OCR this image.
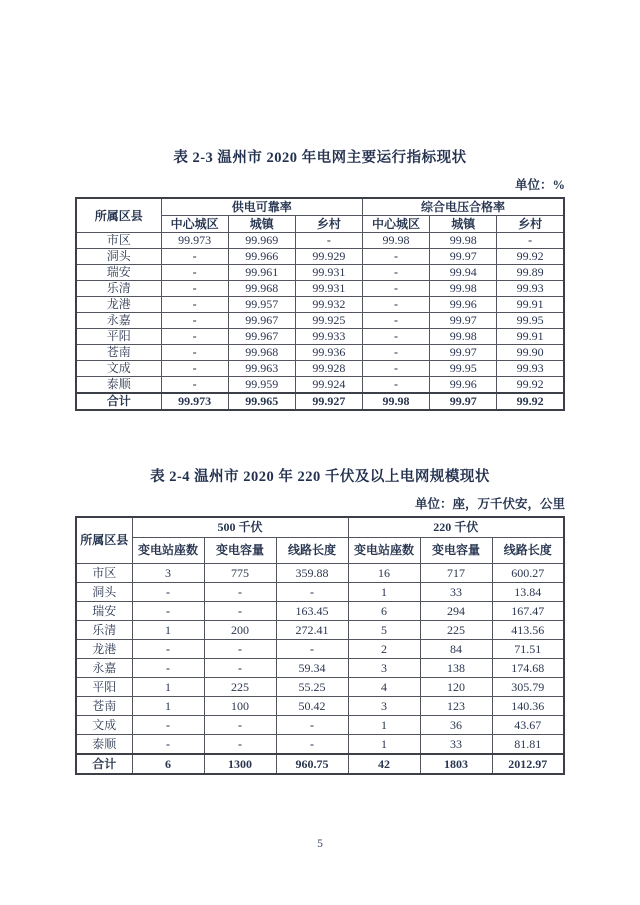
表 2-3 温州市 2020 年电网主要运行指标现状
单位：%
所属区县	供电可靠率			综合电压合格率		
	中心城区	城镇	乡村	中心城区	城镇	乡村
市区	99.973	99.969	-	99.98	99.98	-
洞头	-	99.966	99.929	-	99.97	99.92
瑞安	-	99.961	99.931	-	99.94	99.89
乐清	-	99.968	99.931	-	99.98	99.93
龙港	-	99.957	99.932	-	99.96	99.91
永嘉	-	99.967	99.925	-	99.97	99.95
平阳	-	99.967	99.933	-	99.98	99.91
苍南	-	99.968	99.936	-	99.97	99.90
文成	-	99.963	99.928	-	99.95	99.93
泰顺	-	99.959	99.924	-	99.96	99.92
合计	99.973	99.965	99.927	99.98	99.97	99.92
表 2-4 温州市 2020 年 220 千伏及以上电网规模现状
单位：座，万千伏安，公里
所属区县	500 千伏			220 千伏		
	变电站座数	变电容量	线路长度	变电站座数	变电容量	线路长度
市区	3	775	359.88	16	717	600.27
洞头	-	-	-	1	33	13.84
瑞安	-	-	163.45	6	294	167.47
乐清	1	200	272.41	5	225	413.56
龙港	-	-	-	2	84	71.51
永嘉	-	-	59.34	3	138	174.68
平阳	1	225	55.25	4	120	305.79
苍南	1	100	50.42	3	123	140.36
文成	-	-	-	1	36	43.67
泰顺	-	-	-	1	33	81.81
合计	6	1300	960.75	42	1803	2012.97
5
